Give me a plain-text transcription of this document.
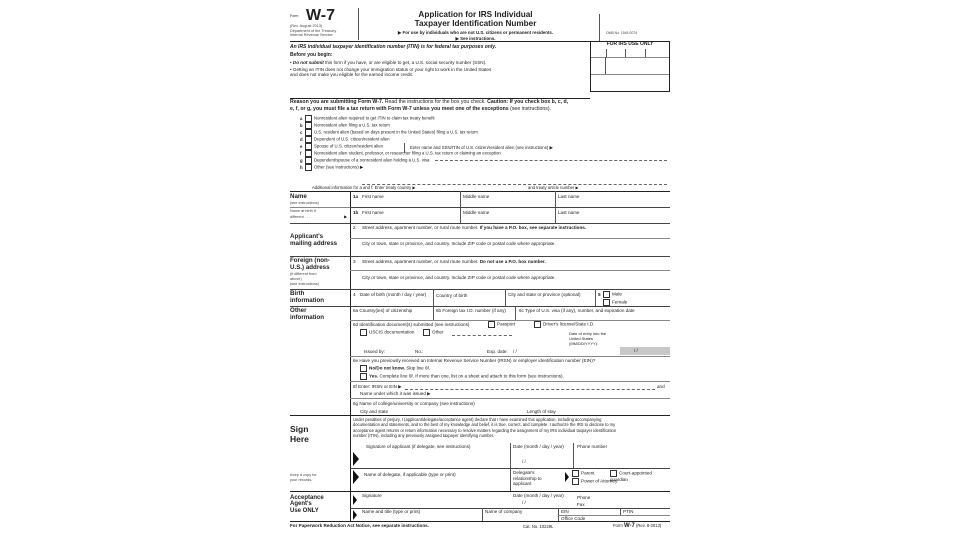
Form W-7
(Rev. August 2013)
Department of the Treasury
Internal Revenue Service
Application for IRS Individual
Taxpayer Identification Number
▶ For use by individuals who are not U.S. citizens or permanent residents.
▶ See instructions.
OMB No. 1545-0074
FOR IRS USE ONLY
An IRS individual taxpayer identification number (ITIN) is for federal tax purposes only.
Before you begin:
• Do not submit this form if you have, or are eligible to get, a U.S. social security number (SSN).
• Getting an ITIN does not change your immigration status or your right to work in the United States
and does not make you eligible for the earned income credit.
Reason you are submitting Form W-7. Read the instructions for the box you check. Caution: If you check box b, c, d,
e, f, or g, you must file a tax return with Form W-7 unless you meet one of the exceptions (see instructions).
a	Nonresident alien required to get ITIN to claim tax treaty benefit
b	Nonresident alien filing a U.S. tax return
c	U.S. resident alien (based on days present in the United States) filing a U.S. tax return
d	Dependent of U.S. citizen/resident alien
e	Spouse of U.S. citizen/resident alien
f	Nonresident alien student, professor, or researcher filing a U.S. tax return or claiming an exception
g	Dependent/spouse of a nonresident alien holding a U.S. visa
h	Other (see instructions) ▶
Enter name and SSN/ITIN of U.S. citizen/resident alien (see instructions) ▶
Additional information for a and f: Enter treaty country ▶	and treaty article number ▶
Name
(see instructions)
Name at birth if
different . . .	▶
1a First name	Middle name	Last name
1b First name	Middle name	Last name
Applicant's
mailing address
2 Street address, apartment number, or rural route number. If you have a P.O. box, see separate instructions.
City or town, state or province, and country. Include ZIP code or postal code where appropriate.
Foreign (non-
U.S.) address
(if different from
above)
(see instructions)
3 Street address, apartment number, or rural route number. Do not use a P.O. box number.
City or town, state or province, and country. Include ZIP code or postal code where appropriate.
Birth
information
4 Date of birth (month / day / year) Country of birth	City and state or province (optional)	5	Male
Female
Other
information
6a Country(ies) of citizenship	6b Foreign tax I.D. number (if any)	6c Type of U.S. visa (if any), number, and expiration date
6d Identification document(s) submitted (see instructions)	Passport	Driver's license/State I.D.
USCIS documentation	Other	Date of entry into the
United States
(MM/DD/YYYY):
Issued by:	No.:	Exp. date: / /	/ /
6e Have you previously received an Internal Revenue Service Number (IRSN) or employer identification number (EIN)?
No/Do not know. Skip line 6f.
Yes. Complete line 6f. If more than one, list on a sheet and attach to this form (see instructions).
6f Enter: IRSN or EIN ▶	and
Name under which it was issued ▶
6g Name of college/university or company (see instructions)
City and state	Length of stay
Sign
Here
Under penalties of perjury, I (applicant/delegate/acceptance agent) declare that I have examined this application, including accompanying
documentation and statements, and to the best of my knowledge and belief, it is true, correct, and complete. I authorize the IRS to disclose to my
acceptance agent returns or return information necessary to resolve matters regarding the assignment of my IRS individual taxpayer identification
number (ITIN), including any previously assigned taxpayer identifying number.
Signature of applicant (if delegate, see instructions)	Date (month / day / year)
/ /
Phone number
Keep a copy for
your records.
Name of delegate, if applicable (type or print)	Delegate's relationship to applicant
Parent	Court-appointed guardian
Power of Attorney
Acceptance
Agent's
Use ONLY
Signature	Date (month / day / year)
/ /
Phone
Fax
Name and title (type or print)	Name of company	EIN	PTIN
Office Code
For Paperwork Reduction Act Notice, see separate instructions.	Cat. No. 10229L	Form W-7 (Rev. 8-2013)
